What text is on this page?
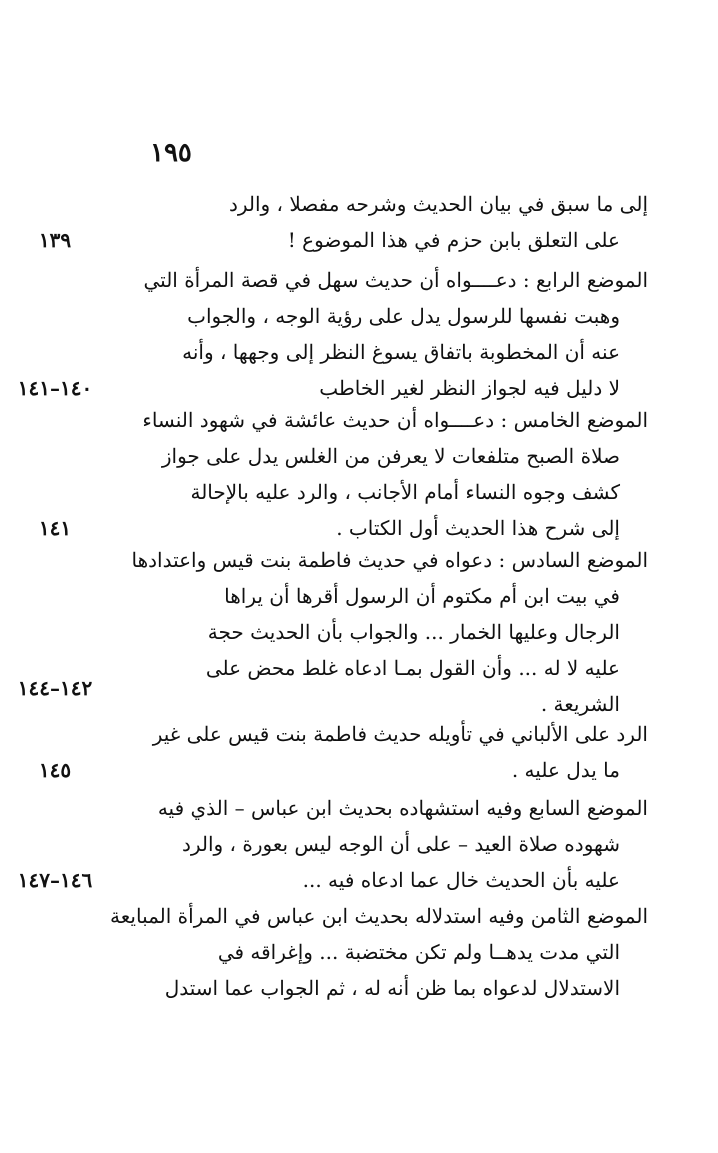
١٩٥
إلى ما سبق في بيان الحديث وشرحه مفصلا ، والرد
على التعلق بابن حزم في هذا الموضوع !
١٣٩
الموضع الرابع : دعــــواه أن حديث سهل في قصة المرأة التي
وهبت نفسها للرسول يدل على رؤية الوجه ، والجواب
عنه أن المخطوبة باتفاق يسوغ النظر إلى وجهها ، وأنه
لا دليل فيه لجواز النظر لغير الخاطب
١٤٠–١٤١
الموضع الخامس : دعــــواه أن حديث عائشة في شهود النساء
صلاة الصبح متلفعات لا يعرفن من الغلس يدل على جواز
كشف وجوه النساء أمام الأجانب ، والرد عليه بالإحالة
إلى شرح هذا الحديث أول الكتاب .
١٤١
الموضع السادس : دعواه في حديث فاطمة بنت قيس واعتدادها
في بيت ابن أم مكتوم أن الرسول أقرها أن يراها
الرجال وعليها الخمار ... والجواب بأن الحديث حجة
عليه لا له ... وأن القول بمـا ادعاه غلط محض على
الشريعة .
١٤٢–١٤٤
الرد على الألباني في تأويله حديث فاطمة بنت قيس على غير
ما يدل عليه .
١٤٥
الموضع السابع وفيه استشهاده بحديث ابن عباس – الذي فيه
شهوده صلاة العيد – على أن الوجه ليس بعورة ، والرد
عليه بأن الحديث خال عما ادعاه فيه ...
١٤٦–١٤٧
الموضع الثامن وفيه استدلاله بحديث ابن عباس في المرأة المبايعة
التي مدت يدهــا ولم تكن مختضبة ... وإغراقه في
الاستدلال لدعواه بما ظن أنه له ، ثم الجواب عما استدل
